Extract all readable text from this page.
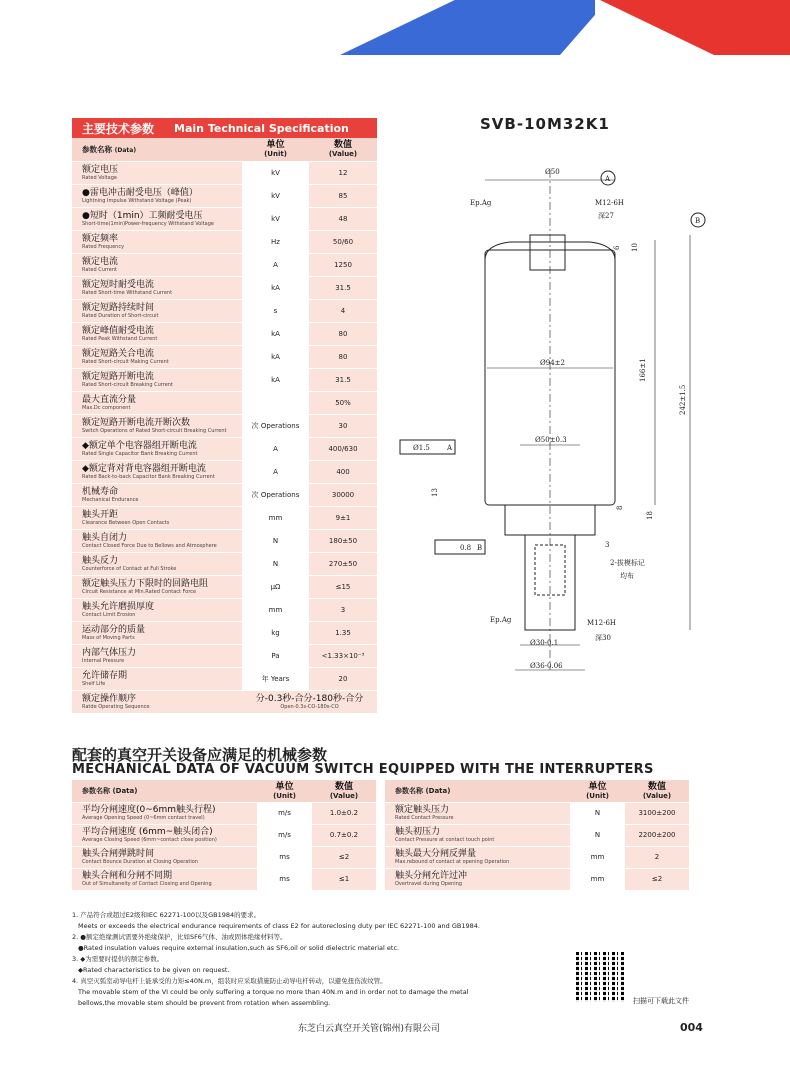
主要技术参数 Main Technical Specification	SVB-10M32K1
参数名称 (Data)	单位
(Unit)	数值
(Value)

额定电压
Rated Voltage	kV	12

●雷电冲击耐受电压（峰值）
Lightning Impulse Withstand Voltage (Peak)	kV	85

●短时（1min）工频耐受电压
Short-time(1min)Power-frequency Withstand Voltage	kV	48

额定频率
Rated Frequency	Hz	50/60

额定电流
Rated Current	A	1250

额定短时耐受电流
Rated Short-time Withstand Current	kA	31.5

额定短路持续时间
Rated Duration of Short-circuit	s	4

额定峰值耐受电流
Rated Peak Withstand Current	kA	80

额定短路关合电流
Rated Short-circuit Making Current	kA	80

额定短路开断电流
Rated Short-circuit Breaking Current	kA	31.5

最大直流分量
Max.Dc component		50%

额定短路开断电流开断次数
Switch Operations of Rated Short-circuit Breaking Current	次 Operations	30

◆额定单个电容器组开断电流
Rated Single Capacitor Bank Breaking Current	A	400/630

◆额定背对背电容器组开断电流
Rated Back-to-back Capacitor Bank Breaking Current	A	400

机械寿命
Mechanical Endurance	次 Operations	30000

触头开距
Clearance Between Open Contacts	mm	9±1

触头自闭力
Contact Closed Force Due to Bellows and Atmosphere	N	180±50

触头反力
Counterforce of Contact at Full Stroke	N	270±50

额定触头压力下限时的回路电阻
Circuit Resistance at Min.Rated Contact Force	μΩ	≤15

触头允许磨损厚度
Contact Limit Erosion	mm	3

运动部分的质量
Mass of Moving Parts	kg	1.35

内部气体压力
Internal Pressure	Pa	<1.33×10⁻³

允许储存期
Shelf Life	年 Years	20

额定操作顺序
Ratde Operating Sequence	分-0.3秒-合分-180秒-合分
Open-0.3s-CO-180s-CO	
配套的真空开关设备应满足的机械参数
MECHANICAL DATA OF VACUUM SWITCH EQUIPPED WITH THE INTERRUPTERS
参数名称 (Data)	单位
(Unit)	数值
(Value)

平均分闸速度(0~6mm触头行程)
Average Opening Speed (0~6mm contact travel)	m/s	1.0±0.2

平均合闸速度 (6mm~触头闭合)
Average Closing Speed (6mm~contact close position)	m/s	0.7±0.2

触头合闸弹跳时间
Contact Bounce Duration at Closing Operation	ms	≤2

触头合闸和分闸不同期
Out of Simultaneity of Contact Closing and Opening	ms	≤1
参数名称 (Data)	单位
(Unit)	数值
(Value)

额定触头压力
Rated Contact Pressure	N	3100±200

触头初压力
Contact Pressure at contact touch point	N	2200±200

触头最大分闸反弹量
Max.rebound of contact at opening Operation	mm	2

触头分闸允许过冲
Overtravel during Opening	mm	≤2
1. 产品符合或超过E2级和IEC 62271-100以及GB1984的要求。
Meets or exceeds the electrical endurance requirements of class E2 for autoreclosing duty per IEC 62271-100 and GB1984.
2. ●额定绝缘测试需要外绝缘保护，比如SF6气体、油或固体绝缘材料等。
●Rated insulation values require external insulation,such as SF6,oil or solid dielectric material etc.
3. ◆为需要时提供的额定参数。
◆Rated characteristics to be given on request.
4. 真空灭弧室动导电杆上能承受的力矩≤40N.m，组装时应采取措施防止动导电杆转动，以避免扭伤波纹管。
The movable stem of the VI could be only suffering a torque no more than 40N.m and in order not to damage the metal
bellows,the movable stem should be prevent from rotation when assembling.	扫描可下载此文件
东芝白云真空开关管(锦州)有限公司	004
Ø50
A
B
Ep.Ag	M12-6H
深27
Ø94±2
Ø50±0.3
Ø1.5 A
166±1
242±1.5
10
6
8
18
13
3
0.8 B
2-拔模标记
均布
M12-6H
深30
Ep.Ag
Ø30-0.1
Ø36-0.06
